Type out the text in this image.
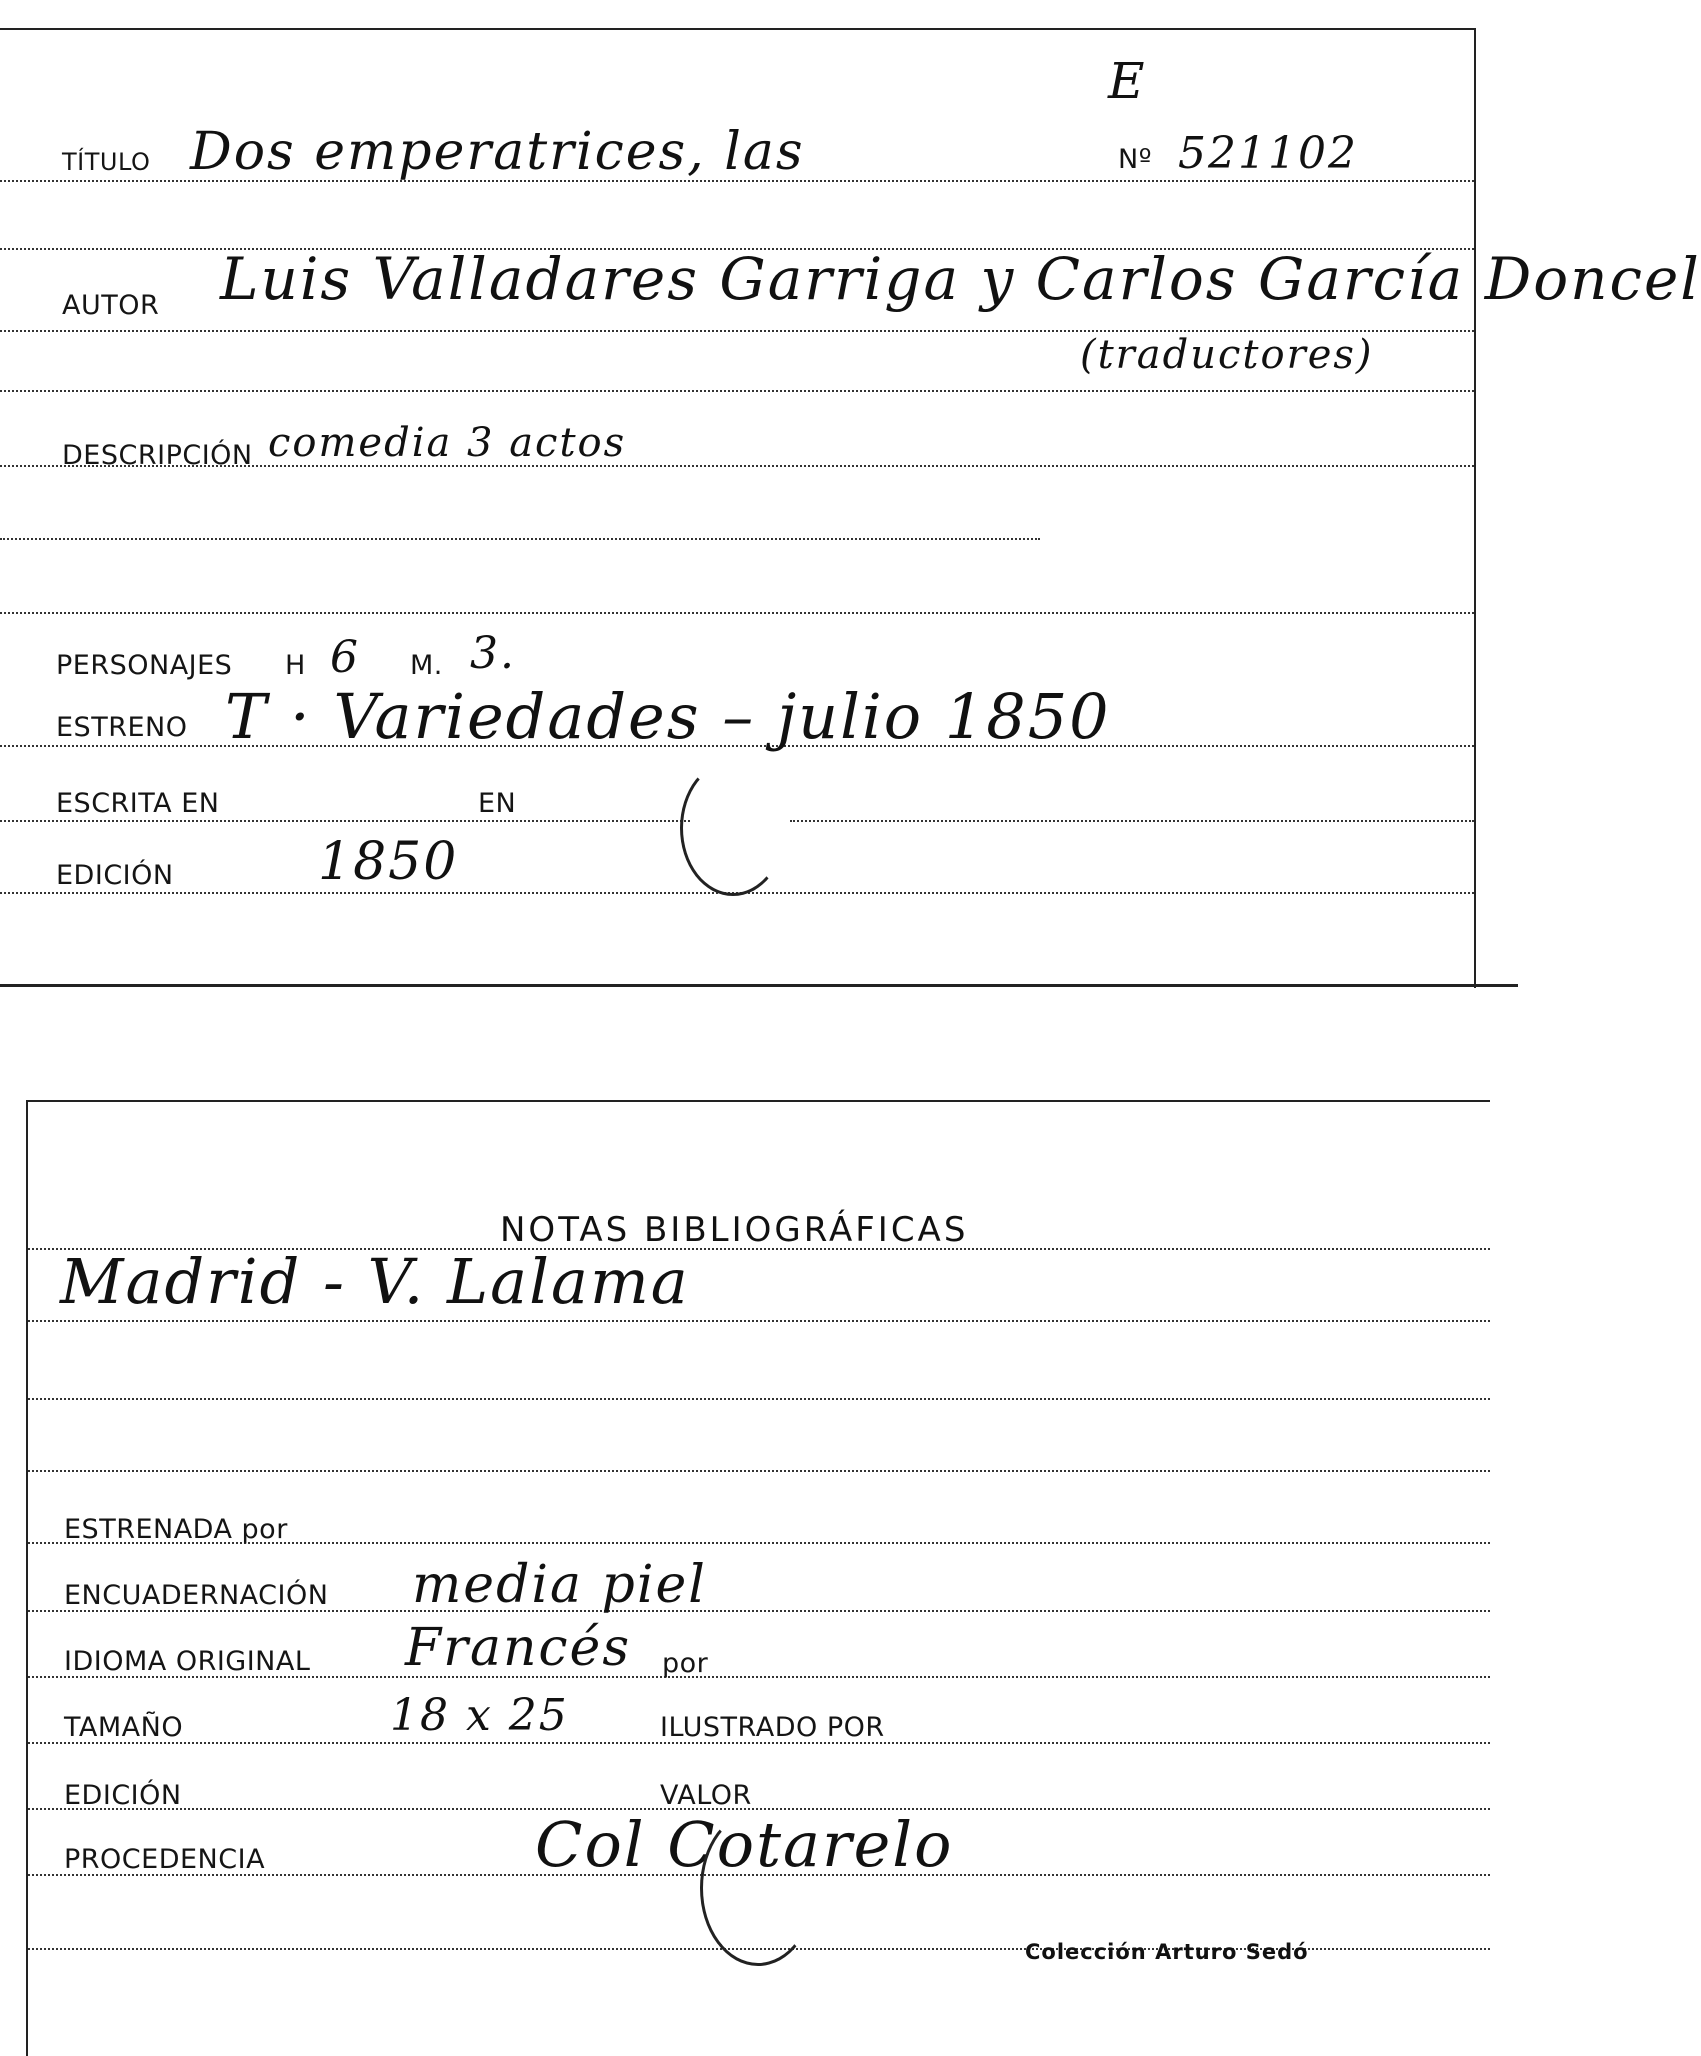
E
TÍTULO Dos emperatrices, las	Nº 521102
AUTOR Luis Valladares Garriga y Carlos García Doncel
(traductores)
DESCRIPCIÓN comedia 3 actos
PERSONAJES H 6 M. 3.
ESTRENO T · Variedades – julio 1850
ESCRITA EN	EN
EDICIÓN	1850
NOTAS BIBLIOGRÁFICAS
Madrid - V. Lalama
ESTRENADA por
ENCUADERNACIÓN media piel
IDIOMA ORIGINAL Francés por
TAMAÑO	18 x 25	ILUSTRADO POR
EDICIÓN	VALOR
PROCEDENCIA	Col Cotarelo
Colección Arturo Sedó
